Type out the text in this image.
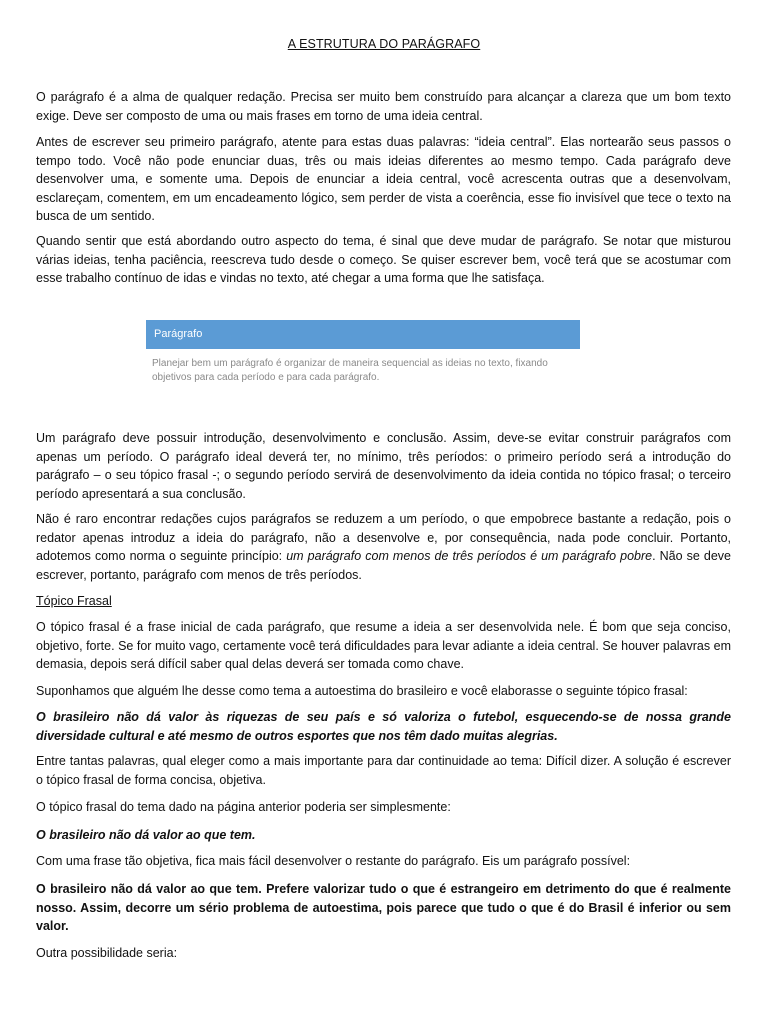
A ESTRUTURA DO PARÁGRAFO

O parágrafo é a alma de qualquer redação. Precisa ser muito bem construído para alcançar a clareza que um bom texto exige. Deve ser composto de uma ou mais frases em torno de uma ideia central.

Antes de escrever seu primeiro parágrafo, atente para estas duas palavras: “ideia central”. Elas nortearão seus passos o tempo todo. Você não pode enunciar duas, três ou mais ideias diferentes ao mesmo tempo. Cada parágrafo deve desenvolver uma, e somente uma. Depois de enunciar a ideia central, você acrescenta outras que a desenvolvam, esclareçam, comentem, em um encadeamento lógico, sem perder de vista a coerência, esse fio invisível que tece o texto na busca de um sentido.

Quando sentir que está abordando outro aspecto do tema, é sinal que deve mudar de parágrafo. Se notar que misturou várias ideias, tenha paciência, reescreva tudo desde o começo. Se quiser escrever bem, você terá que se acostumar com esse trabalho contínuo de idas e vindas no texto, até chegar a uma forma que lhe satisfaça.

Parágrafo
Planejar bem um parágrafo é organizar de maneira sequencial as ideias no texto, fixando objetivos para cada período e para cada parágrafo.

Um parágrafo deve possuir introdução, desenvolvimento e conclusão. Assim, deve-se evitar construir parágrafos com apenas um período. O parágrafo ideal deverá ter, no mínimo, três períodos: o primeiro período será a introdução do parágrafo – o seu tópico frasal -; o segundo período servirá de desenvolvimento da ideia contida no tópico frasal; o terceiro período apresentará a sua conclusão.

Não é raro encontrar redações cujos parágrafos se reduzem a um período, o que empobrece bastante a redação, pois o redator apenas introduz a ideia do parágrafo, não a desenvolve e, por consequência, nada pode concluir. Portanto, adotemos como norma o seguinte princípio: um parágrafo com menos de três períodos é um parágrafo pobre. Não se deve escrever, portanto, parágrafo com menos de três períodos.

Tópico Frasal

O tópico frasal é a frase inicial de cada parágrafo, que resume a ideia a ser desenvolvida nele. É bom que seja conciso, objetivo, forte. Se for muito vago, certamente você terá dificuldades para levar adiante a ideia central. Se houver palavras em demasia, depois será difícil saber qual delas deverá ser tomada como chave.

Suponhamos que alguém lhe desse como tema a autoestima do brasileiro e você elaborasse o seguinte tópico frasal:

O brasileiro não dá valor às riquezas de seu país e só valoriza o futebol, esquecendo-se de nossa grande diversidade cultural e até mesmo de outros esportes que nos têm dado muitas alegrias.

Entre tantas palavras, qual eleger como a mais importante para dar continuidade ao tema: Difícil dizer. A solução é escrever o tópico frasal de forma concisa, objetiva.

O tópico frasal do tema dado na página anterior poderia ser simplesmente:

O brasileiro não dá valor ao que tem.

Com uma frase tão objetiva, fica mais fácil desenvolver o restante do parágrafo. Eis um parágrafo possível:

O brasileiro não dá valor ao que tem. Prefere valorizar tudo o que é estrangeiro em detrimento do que é realmente nosso. Assim, decorre um sério problema de autoestima, pois parece que tudo o que é do Brasil é inferior ou sem valor.

Outra possibilidade seria:
